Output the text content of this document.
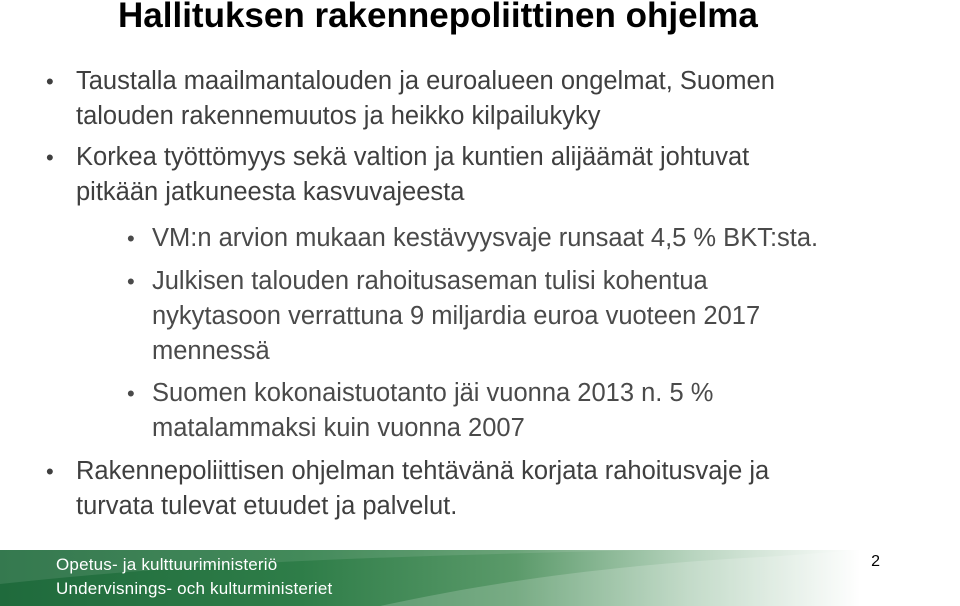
Hallituksen rakennepoliittinen ohjelma
• Taustalla maailmantalouden ja euroalueen ongelmat, Suomen
talouden rakennemuutos ja heikko kilpailukyky
• Korkea työttömyys sekä valtion ja kuntien alijäämät johtuvat
pitkään jatkuneesta kasvuvajeesta
• VM:n arvion mukaan kestävyysvaje runsaat 4,5 % BKT:sta.
• Julkisen talouden rahoitusaseman tulisi kohentua
nykytasoon verrattuna 9 miljardia euroa vuoteen 2017
mennessä
• Suomen kokonaistuotanto jäi vuonna 2013 n. 5 %
matalammaksi kuin vuonna 2007
• Rakennepoliittisen ohjelman tehtävänä korjata rahoitusvaje ja
turvata tulevat etuudet ja palvelut.
Opetus- ja kulttuuriministeriö
Undervisnings- och kulturministeriet
2
